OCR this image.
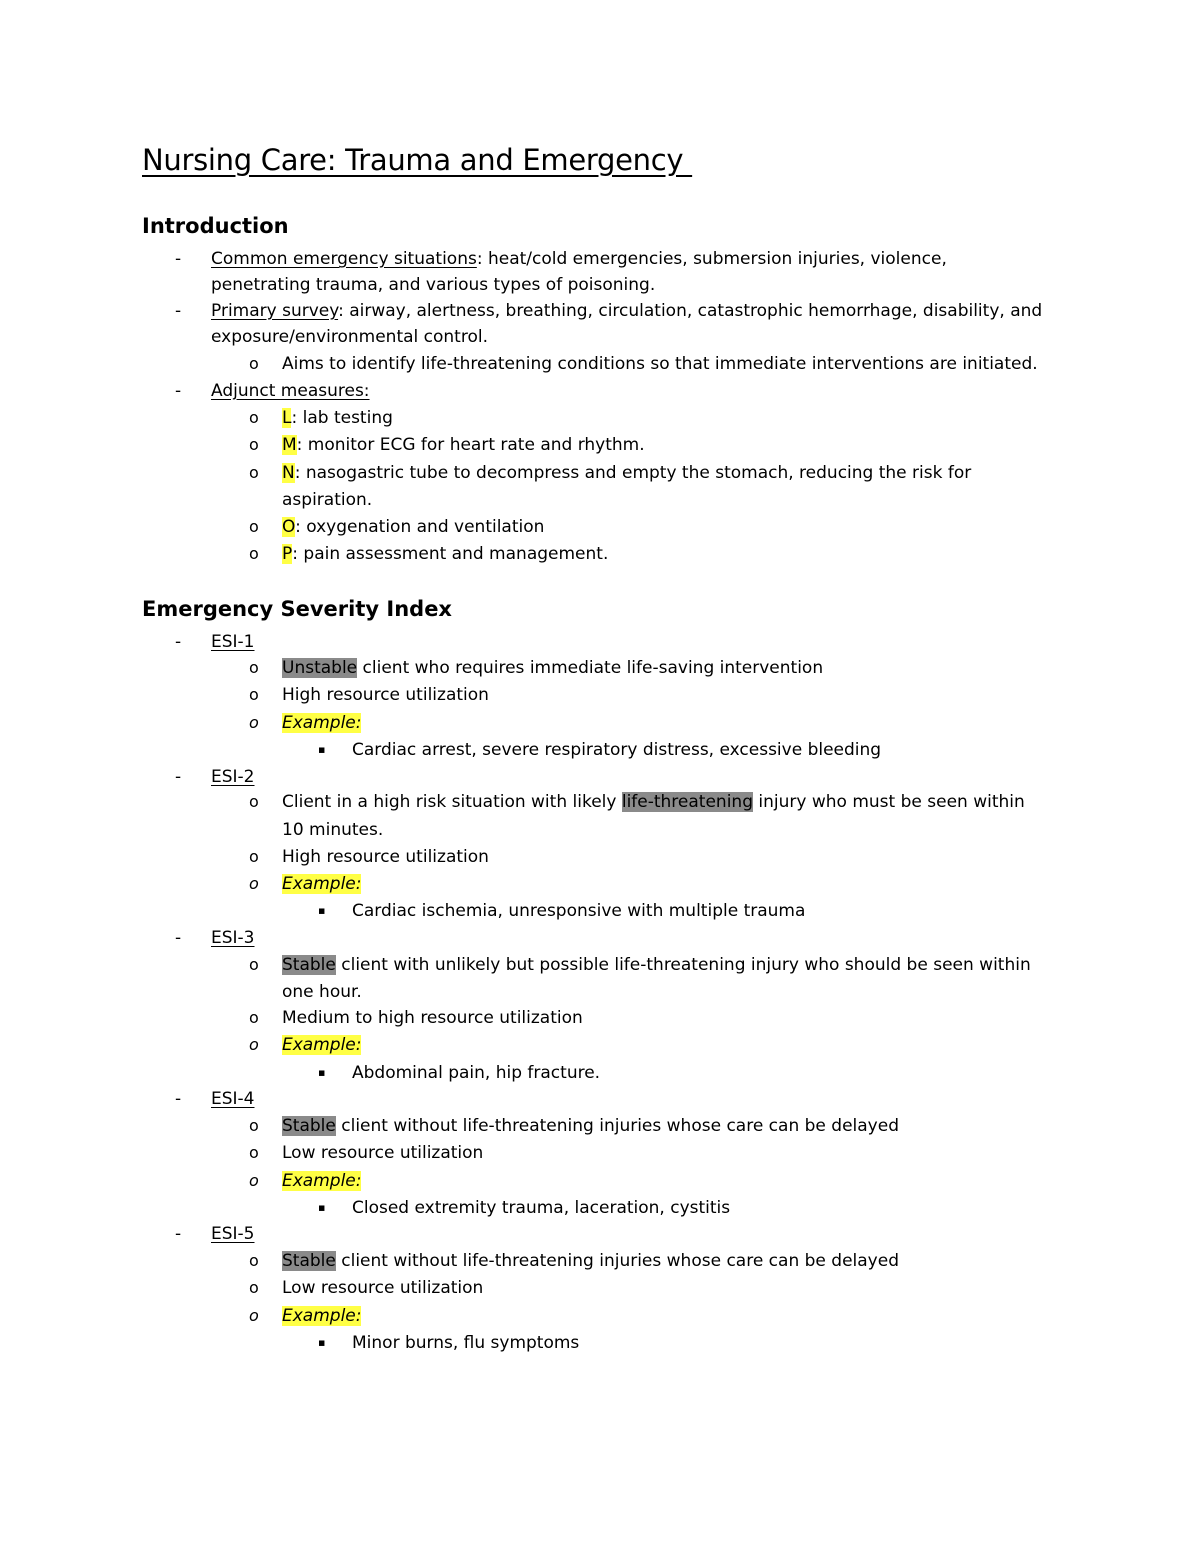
Nursing Care: Trauma and Emergency
Introduction
- Common emergency situations: heat/cold emergencies, submersion injuries, violence,
penetrating trauma, and various types of poisoning.
- Primary survey: airway, alertness, breathing, circulation, catastrophic hemorrhage, disability, and
exposure/environmental control.
o Aims to identify life-threatening conditions so that immediate interventions are initiated.
- Adjunct measures:
o L: lab testing
o M: monitor ECG for heart rate and rhythm.
o N: nasogastric tube to decompress and empty the stomach, reducing the risk for
aspiration.
o O: oxygenation and ventilation
o P: pain assessment and management.
Emergency Severity Index
- ESI-1
o Unstable client who requires immediate life-saving intervention
o High resource utilization
o Example:
▪ Cardiac arrest, severe respiratory distress, excessive bleeding
- ESI-2
o Client in a high risk situation with likely life-threatening injury who must be seen within
10 minutes.
o High resource utilization
o Example:
▪ Cardiac ischemia, unresponsive with multiple trauma
- ESI-3
o Stable client with unlikely but possible life-threatening injury who should be seen within
one hour.
o Medium to high resource utilization
o Example:
▪ Abdominal pain, hip fracture.
- ESI-4
o Stable client without life-threatening injuries whose care can be delayed
o Low resource utilization
o Example:
▪ Closed extremity trauma, laceration, cystitis
- ESI-5
o Stable client without life-threatening injuries whose care can be delayed
o Low resource utilization
o Example:
▪ Minor burns, flu symptoms
